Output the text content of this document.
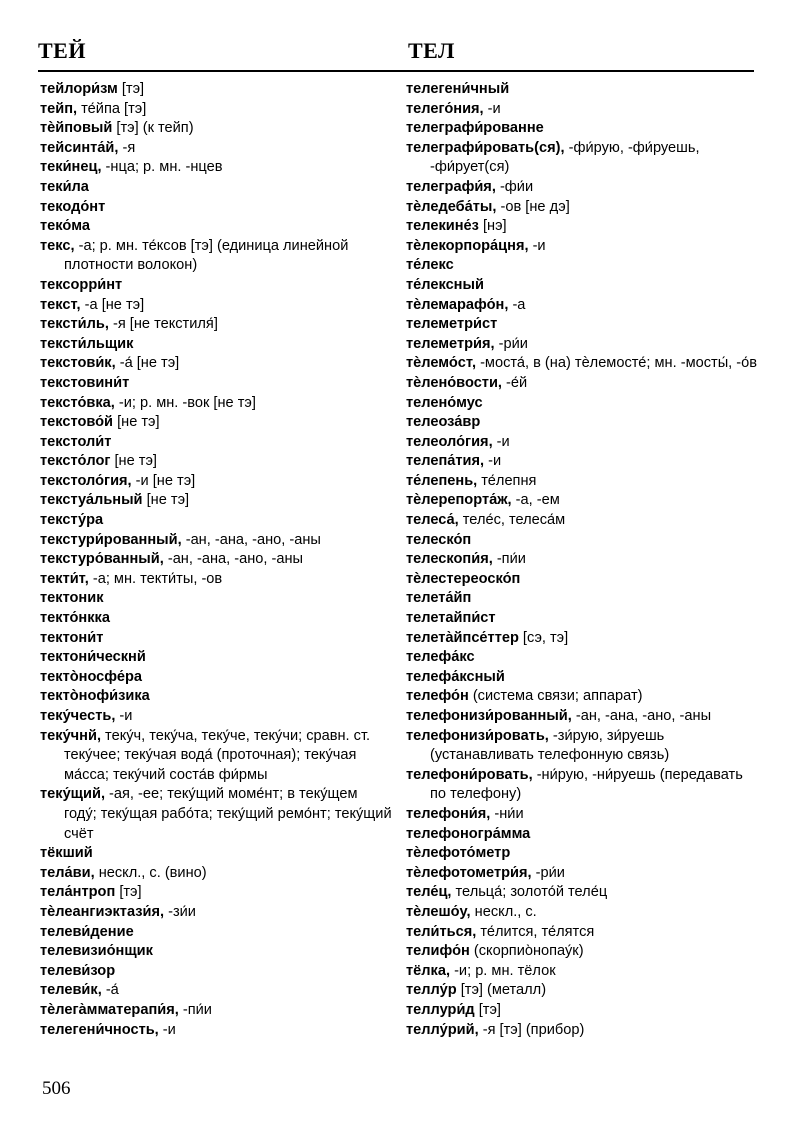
ТЕЙ	ТЕЛ
тейлори́зм [тэ]
тейп, те́йпа [тэ]
тѐйповый [тэ] (к тейп)
тейсинта́й, -я
теки́нец, -нца; р. мн. -нцев
теки́ла
текодо́нт
теко́ма
текс, -а; р. мн. те́ксов [тэ] (единица линейной плотности волокон)
тексоpри́нт
текст, -а [не тэ]
тексти́ль, -я [не текстиля́]
тексти́льщик
текстови́к, -а́ [не тэ]
текстовини́т
тексто́вка, -и; р. мн. -вок [не тэ]
текстово́й [не тэ]
текстоли́т
тексто́лог [не тэ]
текстоло́гия, -и [не тэ]
текстуа́льный [не тэ]
тексту́ра
текстури́рованный, -ан, -ана, -ано, -аны
текстуро́ванный, -ан, -ана, -ано, -аны
текти́т, -а; мн. текти́ты, -ов
тектоник
текто́нкка
тектони́т
тектони́ческнй
тектòносфе́ра
тектòнофи́зика
теку́честь, -и
теку́чнй, теку́ч, теку́ча, теку́че, теку́чи; сравн. ст. теку́чее; теку́чая вода́ (проточная); теку́чая ма́сса; теку́чий соста́в фи́рмы
теку́щий, -ая, -ее; теку́щий моме́нт; в теку́щем году́; теку́щая рабо́та; теку́щий ремо́нт; теку́щий счёт
тёкший
тела́ви, нескл., с. (вино)
тела́нтроп [тэ]
тѐлеангиэктази́я, -зи́и
телеви́дение
телевизио́нщик
телеви́зор
телеви́к, -а́
тѐлега̀мматерапи́я, -пи́и
телегени́чность, -и
телегени́чный
телего́ния, -и
телеграфи́рованне
телеграфи́ровать(ся), -фи́рую, -фи́руешь, -фи́рует(ся)
телеграфи́я, -фи́и
тѐледеба́ты, -ов [не дэ]
телекине́з [нэ]
тѐлекорпора́цня, -и
те́лекс
те́лексный
тѐлемарафо́н, -а
телеметри́ст
телеметри́я, -ри́и
тѐлемо́ст, -моста́, в (на) тѐлемосте́; мн. -мосты́, -о́в
тѐлено́вости, -е́й
телено́мус
телеоза́вр
телеоло́гия, -и
телепа́тия, -и
те́лепень, те́лепня
тѐлерепорта́ж, -а, -ем
телеса́, теле́с, телеса́м
телеско́п
телескопи́я, -пи́и
тѐлестереоско́п
телета́йп
телетайпи́ст
телета̀йпсе́ттер [сэ, тэ]
телефа́кс
телефа́ксный
телефо́н (система связи; аппарат)
телефонизи́рованный, -ан, -ана, -ано, -аны
телефонизи́ровать, -зи́рую, зи́руешь (устанавливать телефонную связь)
телефони́ровать, -ни́рую, -ни́руешь (передавать по телефону)
телефони́я, -ни́и
телефоногра́мма
тѐлефото́метр
тѐлефотометри́я, -ри́и
теле́ц, тельца́; золото́й теле́ц
тѐлешо́у, нескл., с.
тели́ться, те́лится, те́лятся
телифо́н (скорпио̀нопау́к)
тёлка, -и; р. мн. тёлок
теллу́р [тэ] (металл)
теллури́д [тэ]
теллу́рий, -я [тэ] (прибор)
506
